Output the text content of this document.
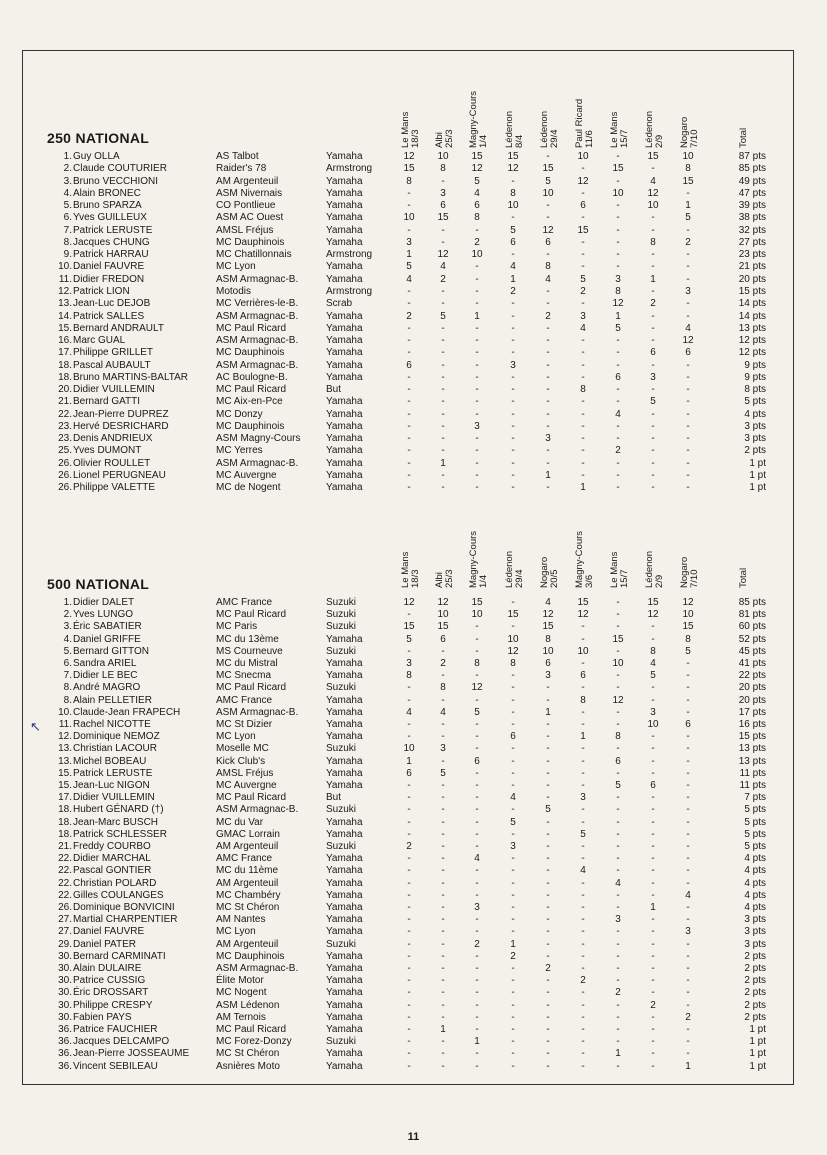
250 NATIONAL	Le Mans 18/3 Albi 25/3 Magny-Cours 1/4 Lédenon 8/4 Lédenon 29/4 Paul Ricard 11/6 Le Mans 15/7 Lédenon 2/9 Nogaro 7/10	Total
1. Guy OLLA	AS Talbot	Yamaha	12	10	15	15	-	10	-	15	10	87 pts
2. Claude COUTURIER	Raider's 78	Armstrong	15	8	12	12	15	-	15	-	8	85 pts
3. Bruno VECCHIONI	AM Argenteuil	Yamaha	8	-	5	-	5	12	-	4	15	49 pts
4. Alain BRONEC	ASM Nivernais	Yamaha	-	3	4	8	10	-	10	12	-	47 pts
5. Bruno SPARZA	CO Pontlieue	Yamaha	-	6	6	10	-	6	-	10	1	39 pts
6. Yves GUILLEUX	ASM AC Ouest	Yamaha	10	15	8	-	-	-	-	-	5	38 pts
7. Patrick LERUSTE	AMSL Fréjus	Yamaha	-	-	-	5	12	15	-	-	-	32 pts
8. Jacques CHUNG	MC Dauphinois	Yamaha	3	-	2	6	6	-	-	8	2	27 pts
9. Patrick HARRAU	MC Chatillonnais	Armstrong	1	12	10	-	-	-	-	-	-	23 pts
10. Daniel FAUVRE	MC Lyon	Yamaha	5	4	-	4	8	-	-	-	-	21 pts
11. Didier FREDON	ASM Armagnac-B.	Yamaha	4	2	-	1	4	5	3	1	-	20 pts
12. Patrick LION	Motodis	Armstrong	-	-	-	2	-	2	8	-	3	15 pts
13. Jean-Luc DEJOB	MC Verrières-le-B.	Scrab	-	-	-	-	-	-	12	2	-	14 pts
14. Patrick SALLES	ASM Armagnac-B.	Yamaha	2	5	1	-	2	3	1	-	-	14 pts
15. Bernard ANDRAULT	MC Paul Ricard	Yamaha	-	-	-	-	-	4	5	-	4	13 pts
16. Marc GUAL	ASM Armagnac-B.	Yamaha	-	-	-	-	-	-	-	-	12	12 pts
17. Philippe GRILLET	MC Dauphinois	Yamaha	-	-	-	-	-	-	-	6	6	12 pts
18. Pascal AUBAULT	ASM Armagnac-B.	Yamaha	6	-	-	3	-	-	-	-	-	9 pts
18. Bruno MARTINS-BALTAR	AC Boulogne-B.	Yamaha	-	-	-	-	-	-	6	3	-	9 pts
20. Didier VUILLEMIN	MC Paul Ricard	But	-	-	-	-	-	8	-	-	-	8 pts
21. Bernard GATTI	MC Aix-en-Pce	Yamaha	-	-	-	-	-	-	-	5	-	5 pts
22. Jean-Pierre DUPREZ	MC Donzy	Yamaha	-	-	-	-	-	-	4	-	-	4 pts
23. Hervé DESRICHARD	MC Dauphinois	Yamaha	-	-	3	-	-	-	-	-	-	3 pts
23. Denis ANDRIEUX	ASM Magny-Cours	Yamaha	-	-	-	-	3	-	-	-	-	3 pts
25. Yves DUMONT	MC Yerres	Yamaha	-	-	-	-	-	-	2	-	-	2 pts
26. Olivier ROULLET	ASM Armagnac-B.	Yamaha	-	1	-	-	-	-	-	-	-	1 pt
26. Lionel PERUGNEAU	MC Auvergne	Yamaha	-	-	-	-	1	-	-	-	-	1 pt
26. Philippe VALETTE	MC de Nogent	Yamaha	-	-	-	-	-	1	-	-	-	1 pt
500 NATIONAL	Le Mans 18/3 Albi 25/3 Magny-Cours 1/4 Lédenon 29/4 Nogaro 20/5 Magny-Cours 3/6 Le Mans 15/7 Lédenon 2/9 Nogaro 7/10	Total
1. Didier DALET	AMC France	Suzuki	12	12	15	-	4	15	-	15	12	85 pts
2. Yves LUNGO	MC Paul Ricard	Suzuki	-	10	10	15	12	12	-	12	10	81 pts
3. Éric SABATIER	MC Paris	Suzuki	15	15	-	-	15	-	-	-	15	60 pts
4. Daniel GRIFFE	MC du 13ème	Yamaha	5	6	-	10	8	-	15	-	8	52 pts
5. Bernard GITTON	MS Courneuve	Suzuki	-	-	-	12	10	10	-	8	5	45 pts
6. Sandra ARIEL	MC du Mistral	Yamaha	3	2	8	8	6	-	10	4	-	41 pts
7. Didier LE BEC	MC Snecma	Yamaha	8	-	-	-	3	6	-	5	-	22 pts
8. André MAGRO	MC Paul Ricard	Suzuki	-	8	12	-	-	-	-	-	-	20 pts
8. Alain PELLETIER	AMC France	Yamaha	-	-	-	-	-	8	12	-	-	20 pts
10. Claude-Jean FRAPECH	ASM Armagnac-B.	Yamaha	4	4	5	-	1	-	-	3	-	17 pts
11. Rachel NICOTTE	MC St Dizier	Yamaha	-	-	-	-	-	-	-	10	6	16 pts
12. Dominique NEMOZ	MC Lyon	Yamaha	-	-	-	6	-	1	8	-	-	15 pts
13. Christian LACOUR	Moselle MC	Suzuki	10	3	-	-	-	-	-	-	-	13 pts
13. Michel BOBEAU	Kick Club's	Yamaha	1	-	6	-	-	-	6	-	-	13 pts
15. Patrick LERUSTE	AMSL Fréjus	Yamaha	6	5	-	-	-	-	-	-	-	11 pts
15. Jean-Luc NIGON	MC Auvergne	Yamaha	-	-	-	-	-	-	5	6	-	11 pts
17. Didier VUILLEMIN	MC Paul Ricard	But	-	-	-	4	-	3	-	-	-	7 pts
18. Hubert GÉNARD (†)	ASM Armagnac-B.	Suzuki	-	-	-	-	5	-	-	-	-	5 pts
18. Jean-Marc BUSCH	MC du Var	Yamaha	-	-	-	5	-	-	-	-	-	5 pts
18. Patrick SCHLESSER	GMAC Lorrain	Yamaha	-	-	-	-	-	5	-	-	-	5 pts
21. Freddy COURBO	AM Argenteuil	Suzuki	2	-	-	3	-	-	-	-	-	5 pts
22. Didier MARCHAL	AMC France	Yamaha	-	-	4	-	-	-	-	-	-	4 pts
22. Pascal GONTIER	MC du 11ème	Yamaha	-	-	-	-	-	4	-	-	-	4 pts
22. Christian POLARD	AM Argenteuil	Yamaha	-	-	-	-	-	-	4	-	-	4 pts
22. Gilles COULANGES	MC Chambéry	Yamaha	-	-	-	-	-	-	-	-	4	4 pts
26. Dominique BONVICINI	MC St Chéron	Yamaha	-	-	3	-	-	-	-	1	-	4 pts
27. Martial CHARPENTIER	AM Nantes	Yamaha	-	-	-	-	-	-	3	-	-	3 pts
27. Daniel FAUVRE	MC Lyon	Yamaha	-	-	-	-	-	-	-	-	3	3 pts
29. Daniel PATER	AM Argenteuil	Suzuki	-	-	2	1	-	-	-	-	-	3 pts
30. Bernard CARMINATI	MC Dauphinois	Yamaha	-	-	-	2	-	-	-	-	-	2 pts
30. Alain DULAIRE	ASM Armagnac-B.	Yamaha	-	-	-	-	2	-	-	-	-	2 pts
30. Patrice CUSSIG	Élite Motor	Yamaha	-	-	-	-	-	2	-	-	-	2 pts
30. Éric DROSSART	MC Nogent	Yamaha	-	-	-	-	-	-	2	-	-	2 pts
30. Philippe CRESPY	ASM Lédenon	Yamaha	-	-	-	-	-	-	-	2	-	2 pts
30. Fabien PAYS	AM Ternois	Yamaha	-	-	-	-	-	-	-	-	2	2 pts
36. Patrice FAUCHIER	MC Paul Ricard	Yamaha	-	1	-	-	-	-	-	-	-	1 pt
36. Jacques DELCAMPO	MC Forez-Donzy	Suzuki	-	-	1	-	-	-	-	-	-	1 pt
36. Jean-Pierre JOSSEAUME	MC St Chéron	Yamaha	-	-	-	-	-	-	1	-	-	1 pt
36. Vincent SEBILEAU	Asnières Moto	Yamaha	-	-	-	-	-	-	-	-	1	1 pt
↖
11
